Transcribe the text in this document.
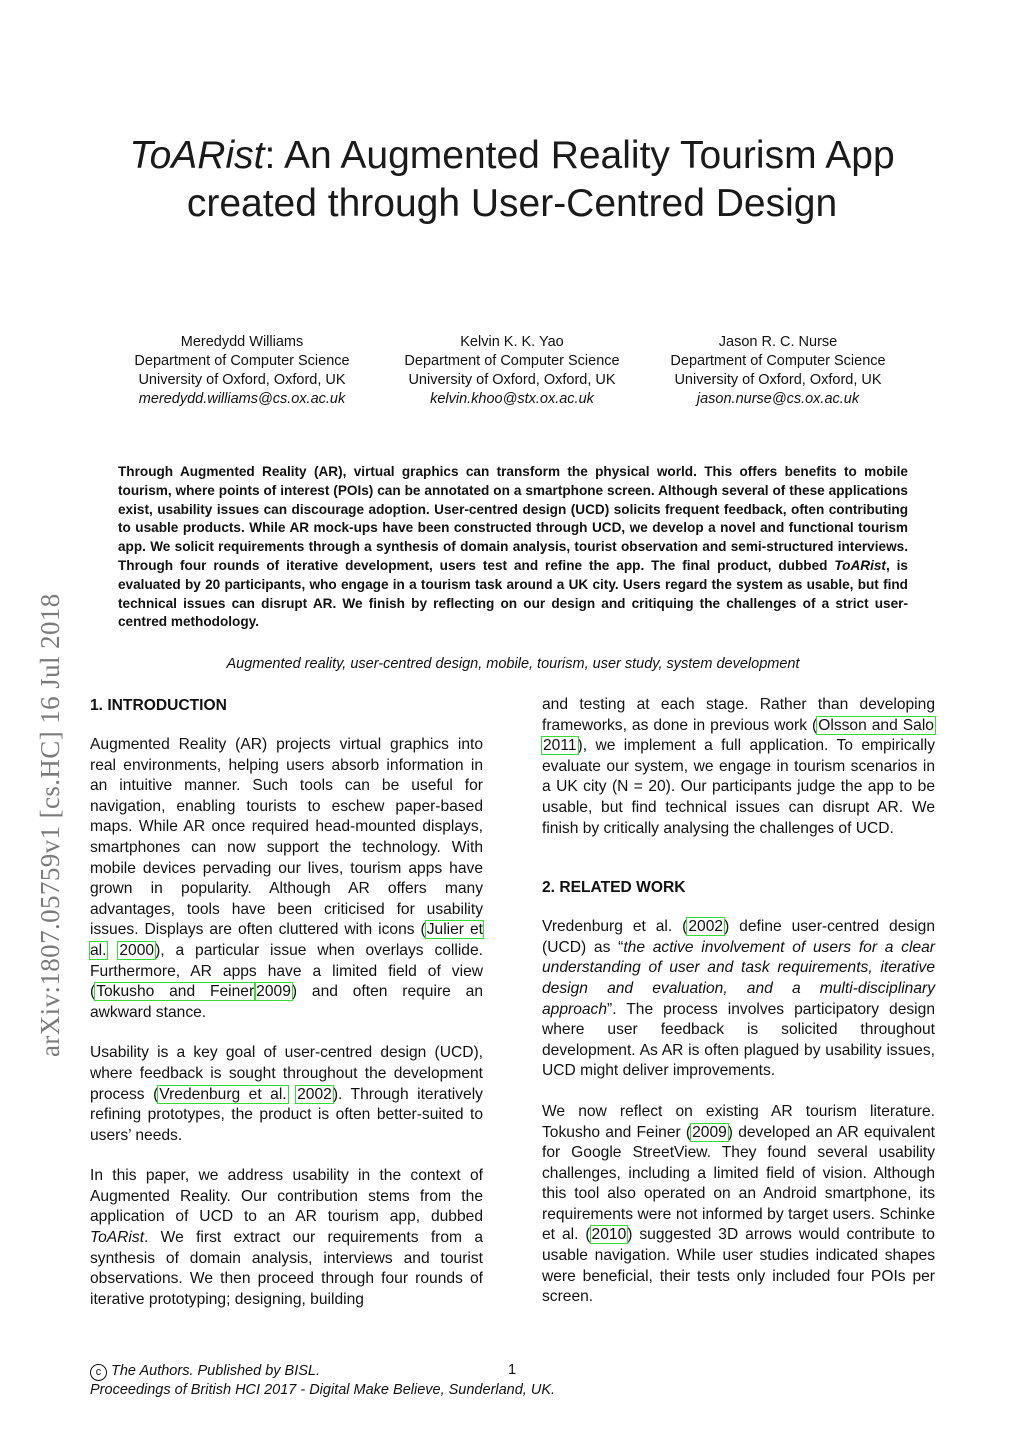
ToARist: An Augmented Reality Tourism App
created through User-Centred Design
Meredydd Williams
Department of Computer Science
University of Oxford, Oxford, UK
meredydd.williams@cs.ox.ac.uk
Kelvin K. K. Yao
Department of Computer Science
University of Oxford, Oxford, UK
kelvin.khoo@stx.ox.ac.uk
Jason R. C. Nurse
Department of Computer Science
University of Oxford, Oxford, UK
jason.nurse@cs.ox.ac.uk
arXiv:1807.05759v1 [cs.HC] 16 Jul 2018
Through Augmented Reality (AR), virtual graphics can transform the physical world. This offers benefits to mobile tourism, where points of interest (POIs) can be annotated on a smartphone screen. Although several of these applications exist, usability issues can discourage adoption. User-centred design (UCD) solicits frequent feedback, often contributing to usable products. While AR mock-ups have been constructed through UCD, we develop a novel and functional tourism app. We solicit requirements through a synthesis of domain analysis, tourist observation and semi-structured interviews. Through four rounds of iterative development, users test and refine the app. The final product, dubbed ToARist, is evaluated by 20 participants, who engage in a tourism task around a UK city. Users regard the system as usable, but find technical issues can disrupt AR. We finish by reflecting on our design and critiquing the challenges of a strict user-centred methodology.
Augmented reality, user-centred design, mobile, tourism, user study, system development
1. INTRODUCTION

Augmented Reality (AR) projects virtual graphics into real environments, helping users absorb information in an intuitive manner. Such tools can be useful for navigation, enabling tourists to eschew paper-based maps. While AR once required head-mounted displays, smartphones can now support the technology. With mobile devices pervading our lives, tourism apps have grown in popularity. Although AR offers many advantages, tools have been criticised for usability issues. Displays are often cluttered with icons (Julier et al. 2000), a particular issue when overlays collide. Furthermore, AR apps have a limited field of view (Tokusho and Feiner 2009) and often require an awkward stance.

Usability is a key goal of user-centred design (UCD), where feedback is sought throughout the development process (Vredenburg et al. 2002). Through iteratively refining prototypes, the product is often better-suited to users’ needs.

In this paper, we address usability in the context of Augmented Reality. Our contribution stems from the application of UCD to an AR tourism app, dubbed ToARist. We first extract our requirements from a synthesis of domain analysis, interviews and tourist observations. We then proceed through four rounds of iterative prototyping; designing, building

and testing at each stage. Rather than developing frameworks, as done in previous work (Olsson and Salo 2011), we implement a full application. To empirically evaluate our system, we engage in tourism scenarios in a UK city (N = 20). Our participants judge the app to be usable, but find technical issues can disrupt AR. We finish by critically analysing the challenges of UCD.

2. RELATED WORK

Vredenburg et al. (2002) define user-centred design (UCD) as “the active involvement of users for a clear understanding of user and task requirements, iterative design and evaluation, and a multi-disciplinary approach”. The process involves participatory design where user feedback is solicited throughout development. As AR is often plagued by usability issues, UCD might deliver improvements.

We now reflect on existing AR tourism literature. Tokusho and Feiner (2009) developed an AR equivalent for Google StreetView. They found several usability challenges, including a limited field of vision. Although this tool also operated on an Android smartphone, its requirements were not informed by target users. Schinke et al. (2010) suggested 3D arrows would contribute to usable navigation. While user studies indicated shapes were beneficial, their tests only included four POIs per screen.

c The Authors. Published by BISL.
Proceedings of British HCI 2017 - Digital Make Believe, Sunderland, UK.
1
